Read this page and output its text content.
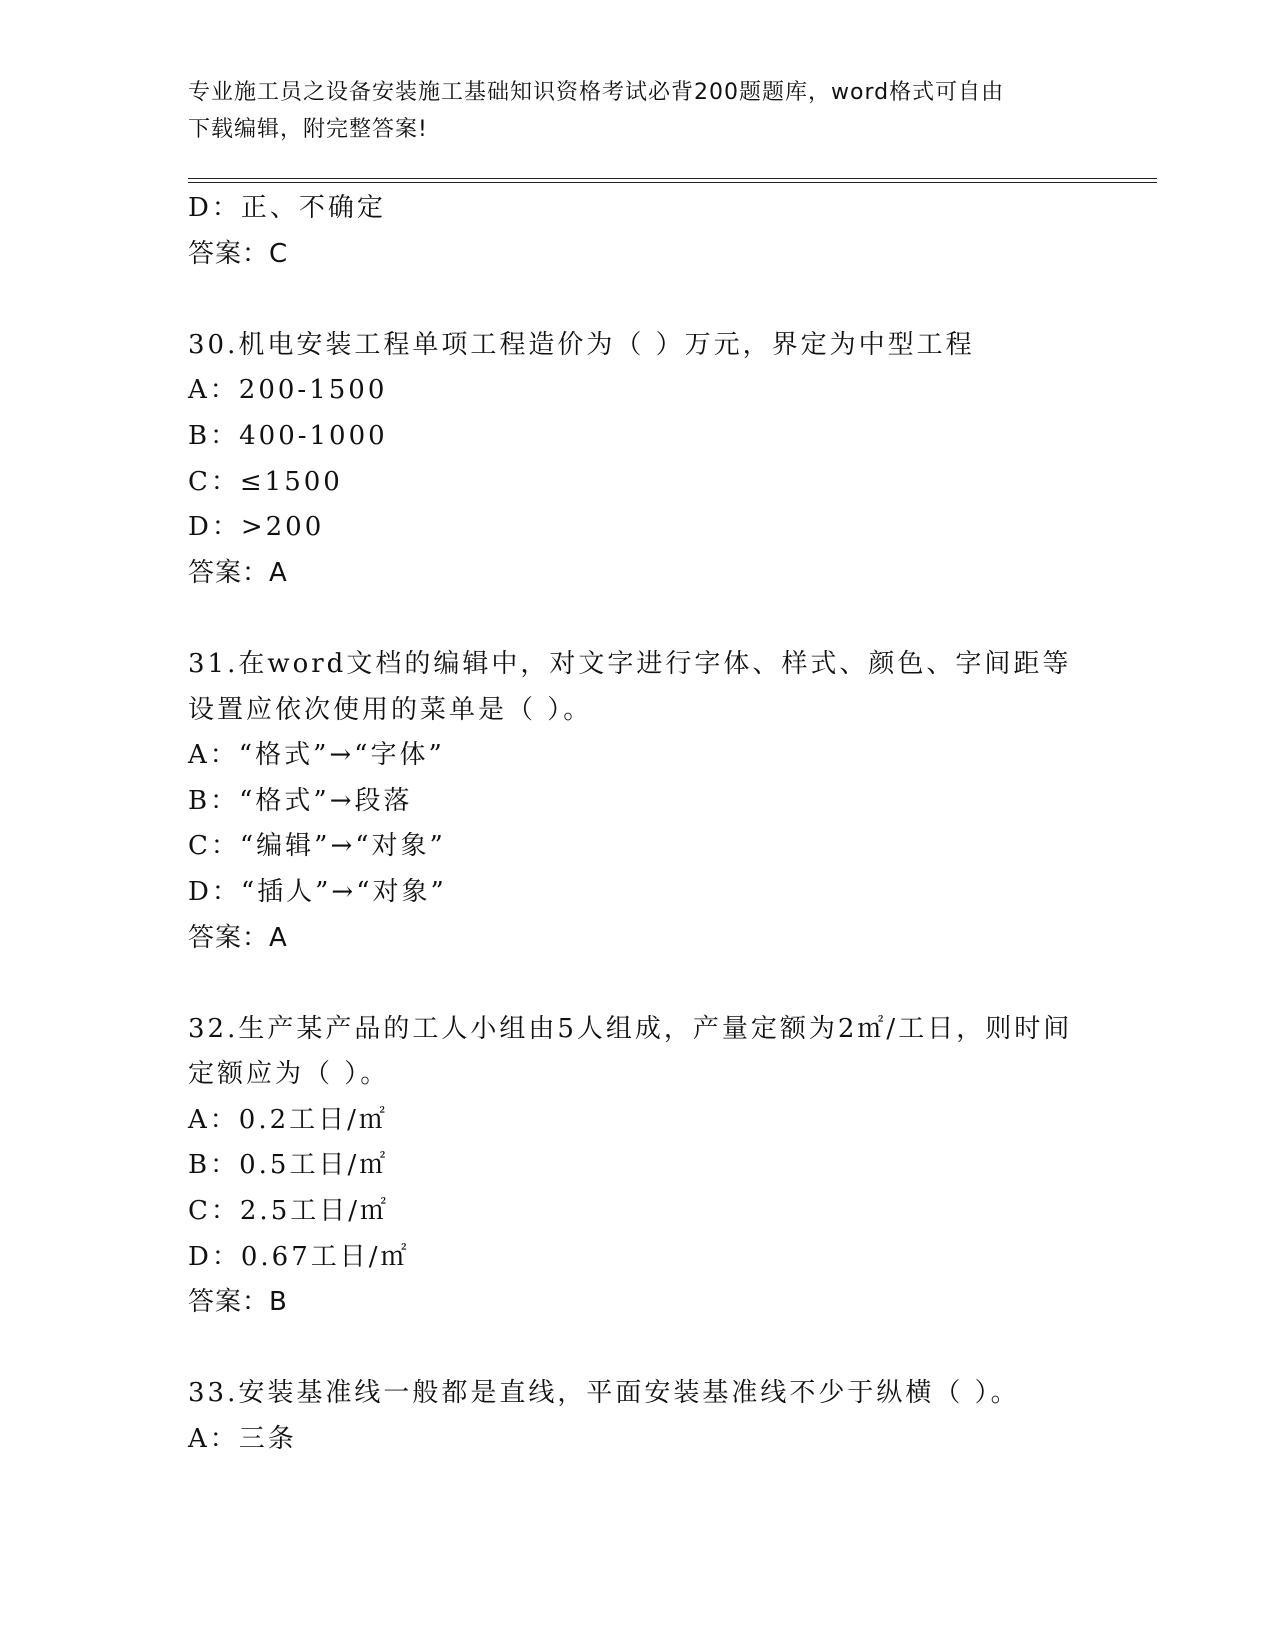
专业施工员之设备安装施工基础知识资格考试必背200题题库，word格式可自由
下载编辑，附完整答案!
D：正、不确定
答案：C
30.机电安装工程单项工程造价为（ ）万元，界定为中型工程
A：200-1500
B：400-1000
C：≤1500
D：>200
答案：A
31.在word文档的编辑中，对文字进行字体、样式、颜色、字间距等
设置应依次使用的菜单是（ ）。
A：“格式”→“字体”
B：“格式”→段落
C：“编辑”→“对象”
D：“插人”→“对象”
答案：A
32.生产某产品的工人小组由5人组成，产量定额为2㎡/工日，则时间
定额应为（ ）。
A：0.2工日/㎡
B：0.5工日/㎡
C：2.5工日/㎡
D：0.67工日/㎡
答案：B
33.安装基准线一般都是直线，平面安装基准线不少于纵横（ ）。
A：三条
